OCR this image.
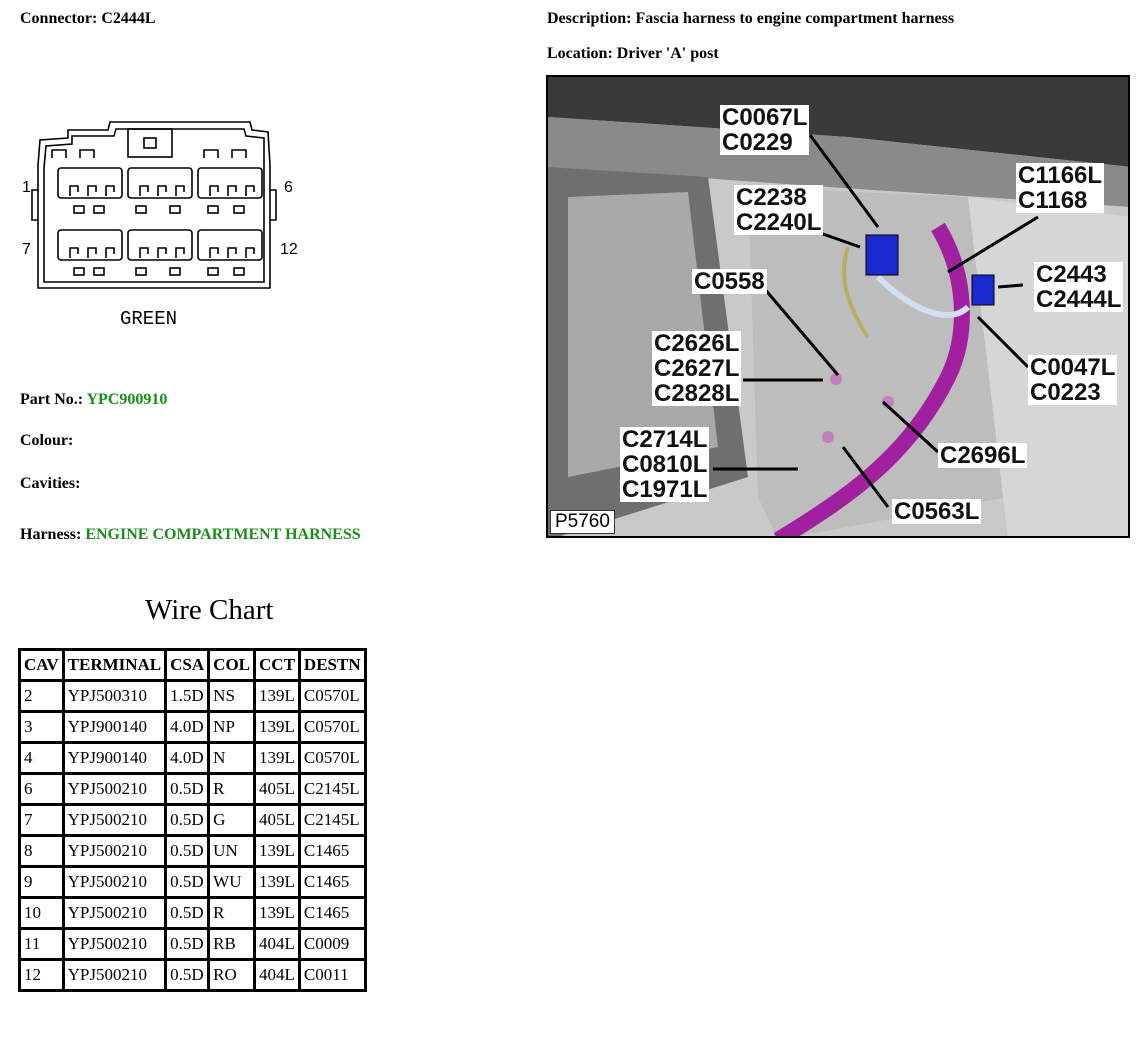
Connector: C2444L	Description: Fascia harness to engine compartment harness
Location: Driver 'A' post
1	6
7	12
GREEN
Part No.: YPC900910
Colour:
Cavities:
Harness: ENGINE COMPARTMENT HARNESS
Wire Chart
CAV	TERMINAL	CSA	COL	CCT	DESTN
2	YPJ500310	1.5D	NS	139L	C0570L
3	YPJ900140	4.0D	NP	139L	C0570L
4	YPJ900140	4.0D	N	139L	C0570L
6	YPJ500210	0.5D	R	405L	C2145L
7	YPJ500210	0.5D	G	405L	C2145L
8	YPJ500210	0.5D	UN	139L	C1465
9	YPJ500210	0.5D	WU	139L	C1465
10	YPJ500210	0.5D	R	139L	C1465
11	YPJ500210	0.5D	RB	404L	C0009
12	YPJ500210	0.5D	RO	404L	C0011
C0067L
C0229
C1166L
C1168
C2238
C2240L
C2443
C2444L
C0558
C2626L
C2627L
C2828L
C0047L
C0223
C2714L
C0810L
C1971L
C2696L
C0563L
P5760
